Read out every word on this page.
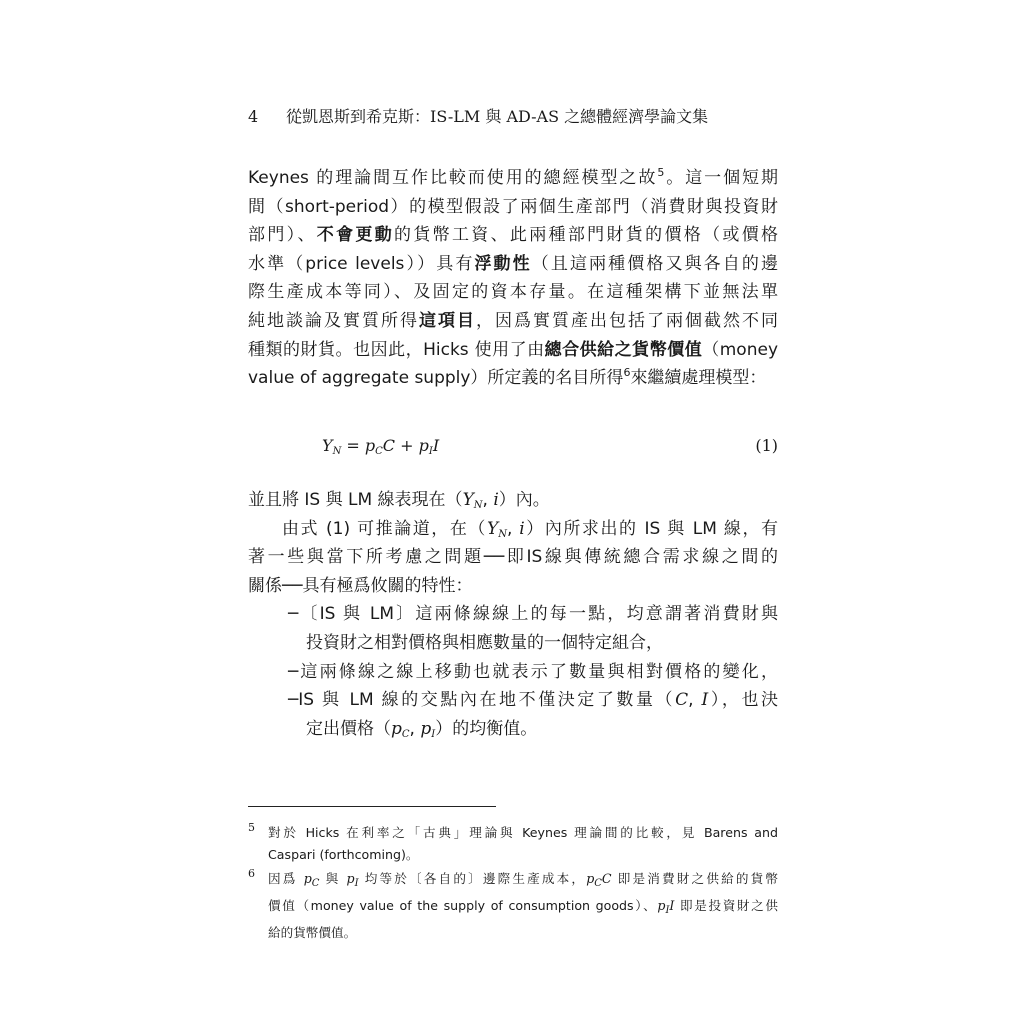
4 從凱恩斯到希克斯：IS-LM 與 AD-AS 之總體經濟學論文集
Keynes 的理論間互作比較而使用的總經模型之故$^5$。這一個短期
間（short-period）的模型假設了兩個生產部門（消費財與投資財
部門）、不會更動的貨幣工資、此兩種部門財貨的價格（或價格
水準（price levels））具有浮動性（且這兩種價格又與各自的邊
際生產成本等同）、及固定的資本存量。在這種架構下並無法單
純地談論及實質所得這項目，因爲實質產出包括了兩個截然不同
種類的財貨。也因此，Hicks 使用了由總合供給之貨幣價值（money
value of aggregate supply）所定義的名目所得$^6$來繼續處理模型：
$Y_N = p_CC + p_II$	(1)
並且將 IS 與 LM 線表現在（$Y_N$, i）內。
由式 (1) 可推論道，在（$Y_N$, i）內所求出的 IS 與 LM 線，有
著一些與當下所考慮之問題──即IS線與傳統總合需求線之間的
關係──具有極爲攸關的特性：
─〔IS 與 LM〕這兩條線線上的每一點，均意謂著消費財與
投資財之相對價格與相應數量的一個特定組合，
─這兩條線之線上移動也就表示了數量與相對價格的變化，
─IS 與 LM 線的交點內在地不僅決定了數量（C, I），也決
定出價格（$p_C$, $p_I$）的均衡值。
5 對於 Hicks 在利率之「古典」理論與 Keynes 理論間的比較，見 Barens and
Caspari (forthcoming)。
6 因爲 $p_C$ 與 $p_I$ 均等於〔各自的〕邊際生產成本，$p_CC$ 即是消費財之供給的貨幣
價值（money value of the supply of consumption goods）、$p_II$ 即是投資財之供
給的貨幣價值。
